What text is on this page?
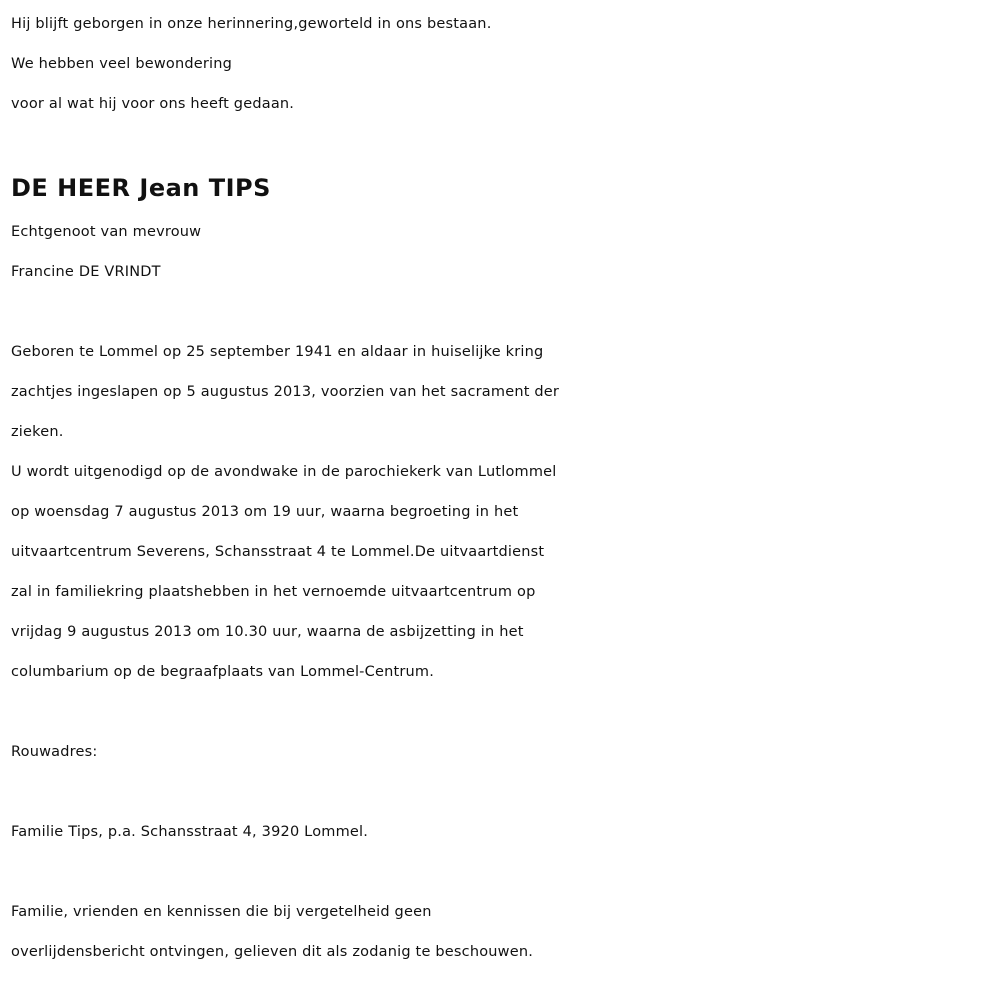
Hij blijft geborgen in onze herinnering,geworteld in ons bestaan.
We hebben veel bewondering
voor al wat hij voor ons heeft gedaan.
DE HEER Jean TIPS
Echtgenoot van mevrouw
Francine DE VRINDT
Geboren te Lommel op 25 september 1941 en aldaar in huiselijke kring
zachtjes ingeslapen op 5 augustus 2013, voorzien van het sacrament der
zieken.
U wordt uitgenodigd op de avondwake in de parochiekerk van Lutlommel
op woensdag 7 augustus 2013 om 19 uur, waarna begroeting in het
uitvaartcentrum Severens, Schansstraat 4 te Lommel.De uitvaartdienst
zal in familiekring plaatshebben in het vernoemde uitvaartcentrum op
vrijdag 9 augustus 2013 om 10.30 uur, waarna de asbijzetting in het
columbarium op de begraafplaats van Lommel-Centrum.
Rouwadres:
Familie Tips, p.a. Schansstraat 4, 3920 Lommel.
Familie, vrienden en kennissen die bij vergetelheid geen
overlijdensbericht ontvingen, gelieven dit als zodanig te beschouwen.
